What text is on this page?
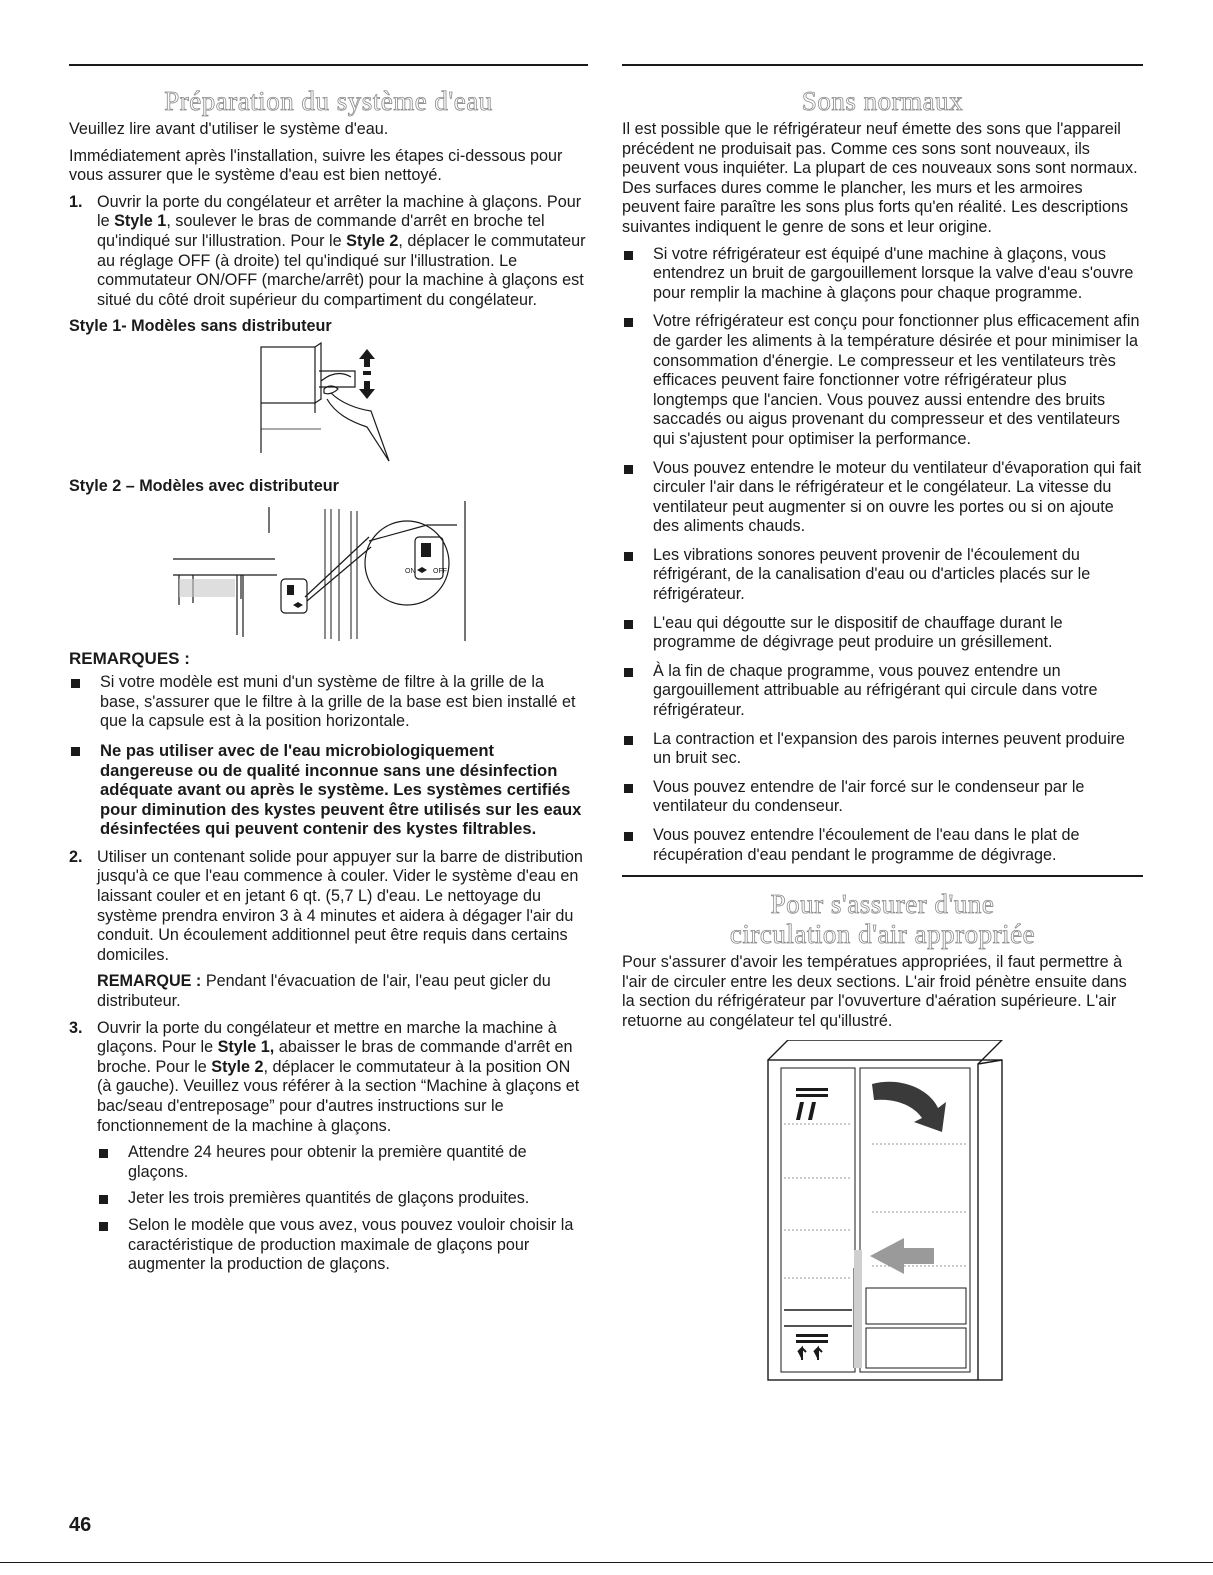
Préparation du système d'eau

Veuillez lire avant d'utiliser le système d'eau.

Immédiatement après l'installation, suivre les étapes ci-dessous pour vous assurer que le système d'eau est bien nettoyé.

1. Ouvrir la porte du congélateur et arrêter la machine à glaçons. Pour le Style 1, soulever le bras de commande d'arrêt en broche tel qu'indiqué sur l'illustration. Pour le Style 2, déplacer le commutateur au réglage OFF (à droite) tel qu'indiqué sur l'illustration. Le commutateur ON/OFF (marche/arrêt) pour la machine à glaçons est situé du côté droit supérieur du compartiment du congélateur.
Style 1- Modèles sans distributeur
Style 2 – Modèles avec distributeur
ON	OFF
REMARQUES :
Si votre modèle est muni d'un système de filtre à la grille de la base, s'assurer que le filtre à la grille de la base est bien installé et que la capsule est à la position horizontale.
Ne pas utiliser avec de l'eau microbiologiquement dangereuse ou de qualité inconnue sans une désinfection adéquate avant ou après le système. Les systèmes certifiés pour diminution des kystes peuvent être utilisés sur les eaux désinfectées qui peuvent contenir des kystes filtrables.
2. Utiliser un contenant solide pour appuyer sur la barre de distribution jusqu'à ce que l'eau commence à couler. Vider le système d'eau en laissant couler et en jetant 6 qt. (5,7 L) d'eau. Le nettoyage du système prendra environ 3 à 4 minutes et aidera à dégager l'air du conduit. Un écoulement additionnel peut être requis dans certains domiciles.

REMARQUE : Pendant l'évacuation de l'air, l'eau peut gicler du distributeur.

3. Ouvrir la porte du congélateur et mettre en marche la machine à glaçons. Pour le Style 1, abaisser le bras de commande d'arrêt en broche. Pour le Style 2, déplacer le commutateur à la position ON (à gauche). Veuillez vous référer à la section “Machine à glaçons et bac/seau d'entreposage” pour d'autres instructions sur le fonctionnement de la machine à glaçons.
Attendre 24 heures pour obtenir la première quantité de glaçons.
Jeter les trois premières quantités de glaçons produites.
Selon le modèle que vous avez, vous pouvez vouloir choisir la caractéristique de production maximale de glaçons pour augmenter la production de glaçons.
Sons normaux

Il est possible que le réfrigérateur neuf émette des sons que l'appareil précédent ne produisait pas. Comme ces sons sont nouveaux, ils peuvent vous inquiéter. La plupart de ces nouveaux sons sont normaux. Des surfaces dures comme le plancher, les murs et les armoires peuvent faire paraître les sons plus forts qu'en réalité. Les descriptions suivantes indiquent le genre de sons et leur origine.

Si votre réfrigérateur est équipé d'une machine à glaçons, vous entendrez un bruit de gargouillement lorsque la valve d'eau s'ouvre pour remplir la machine à glaçons pour chaque programme.
Votre réfrigérateur est conçu pour fonctionner plus efficacement afin de garder les aliments à la température désirée et pour minimiser la consommation d'énergie. Le compresseur et les ventilateurs très efficaces peuvent faire fonctionner votre réfrigérateur plus longtemps que l'ancien. Vous pouvez aussi entendre des bruits saccadés ou aigus provenant du compresseur et des ventilateurs qui s'ajustent pour optimiser la performance.
Vous pouvez entendre le moteur du ventilateur d'évaporation qui fait circuler l'air dans le réfrigérateur et le congélateur. La vitesse du ventilateur peut augmenter si on ouvre les portes ou si on ajoute des aliments chauds.
Les vibrations sonores peuvent provenir de l'écoulement du réfrigérant, de la canalisation d'eau ou d'articles placés sur le réfrigérateur.
L'eau qui dégoutte sur le dispositif de chauffage durant le programme de dégivrage peut produire un grésillement.
À la fin de chaque programme, vous pouvez entendre un gargouillement attribuable au réfrigérant qui circule dans votre réfrigérateur.
La contraction et l'expansion des parois internes peuvent produire un bruit sec.
Vous pouvez entendre de l'air forcé sur le condenseur par le ventilateur du condenseur.
Vous pouvez entendre l'écoulement de l'eau dans le plat de récupération d'eau pendant le programme de dégivrage.
Pour s'assurer d'une
circulation d'air appropriée

Pour s'assurer d'avoir les températues appropriées, il faut permettre à l'air de circuler entre les deux sections. L'air froid pénètre ensuite dans la section du réfrigérateur par l'ovuverture d'aération supérieure. L'air retuorne au congélateur tel qu'illustré.

46
